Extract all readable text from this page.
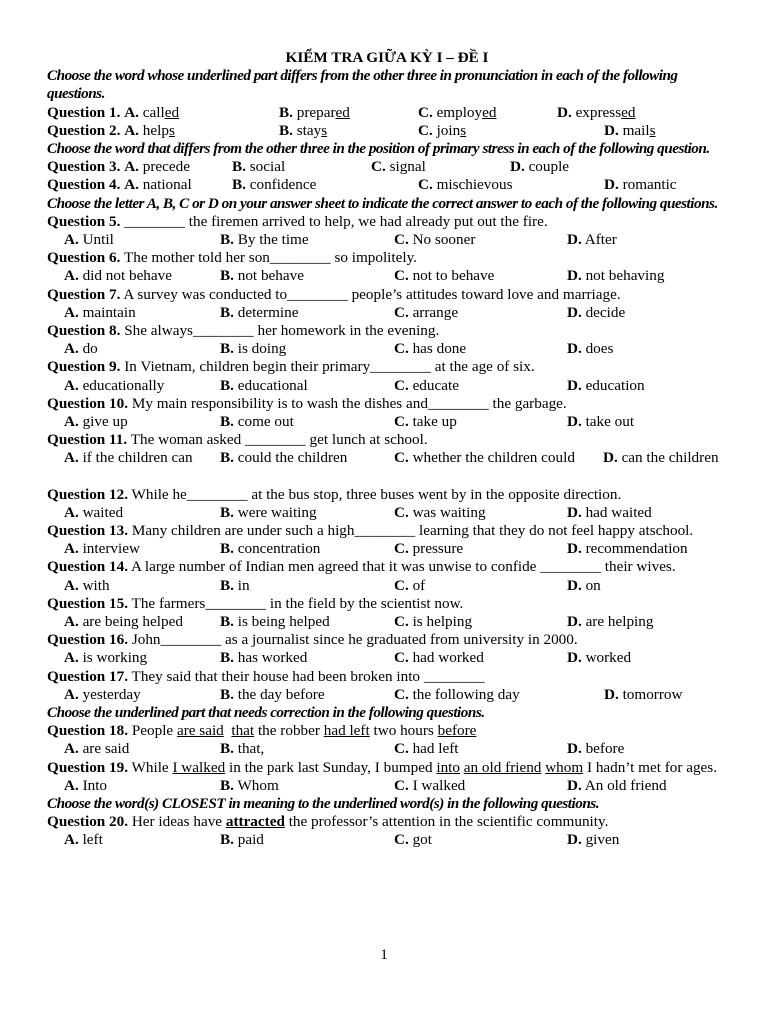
KIỂM TRA GIỮA KỲ I – ĐỀ I
Choose the word whose underlined part differs from the other three in pronunciation in each of the following questions.
Question 1. A. called	B. prepared	C. employed	D. expressed
Question 2. A. helps	B. stays	C. joins	D. mails
Choose the word that differs from the other three in the position of primary stress in each of the following question.
Question 3. A. precede	B. social	C. signal	D. couple
Question 4. A. national	B. confidence	C. mischievous	D. romantic
Choose the letter A, B, C or D on your answer sheet to indicate the correct answer to each of the following questions.
Question 5. ________ the firemen arrived to help, we had already put out the fire.
A. Until	B. By the time	C. No sooner	D. After
Question 6. The mother told her son________ so impolitely.
A. did not behave	B. not behave	C. not to behave	D. not behaving
Question 7. A survey was conducted to________ people’s attitudes toward love and marriage.
A. maintain	B. determine	C. arrange	D. decide
Question 8. She always________ her homework in the evening.
A. do	B. is doing	C. has done	D. does
Question 9. In Vietnam, children begin their primary________ at the age of six.
A. educationally	B. educational	C. educate	D. education
Question 10. My main responsibility is to wash the dishes and________ the garbage.
A. give up	B. come out	C. take up	D. take out
Question 11. The woman asked ________ get lunch at school.
A. if the children can B. could the children	C. whether the children could D. can the children
Question 12. While he________ at the bus stop, three buses went by in the opposite direction.
A. waited	B. were waiting	C. was waiting	D. had waited
Question 13. Many children are under such a high________ learning that they do not feel happy atschool.
A. interview	B. concentration	C. pressure	D. recommendation
Question 14. A large number of Indian men agreed that it was unwise to confide ________ their wives.
A. with	B. in	C. of	D. on
Question 15. The farmers________ in the field by the scientist now.
A. are being helped B. is being helped	C. is helping	D. are helping
Question 16. John________ as a journalist since he graduated from university in 2000.
A. is working	B. has worked	C. had worked	D. worked
Question 17. They said that their house had been broken into ________
A. yesterday	B. the day before	C. the following day	D. tomorrow
Choose the underlined part that needs correction in the following questions.
Question 18. People are said that the robber had left two hours before
A. are said	B. that,	C. had left	D. before
Question 19. While I walked in the park last Sunday, I bumped into an old friend whom I hadn’t met for ages.
A. Into	B. Whom	C. I walked	D. An old friend
Choose the word(s) CLOSEST in meaning to the underlined word(s) in the following questions.
Question 20. Her ideas have attracted the professor’s attention in the scientific community.
A. left	B. paid	C. got	D. given
1
